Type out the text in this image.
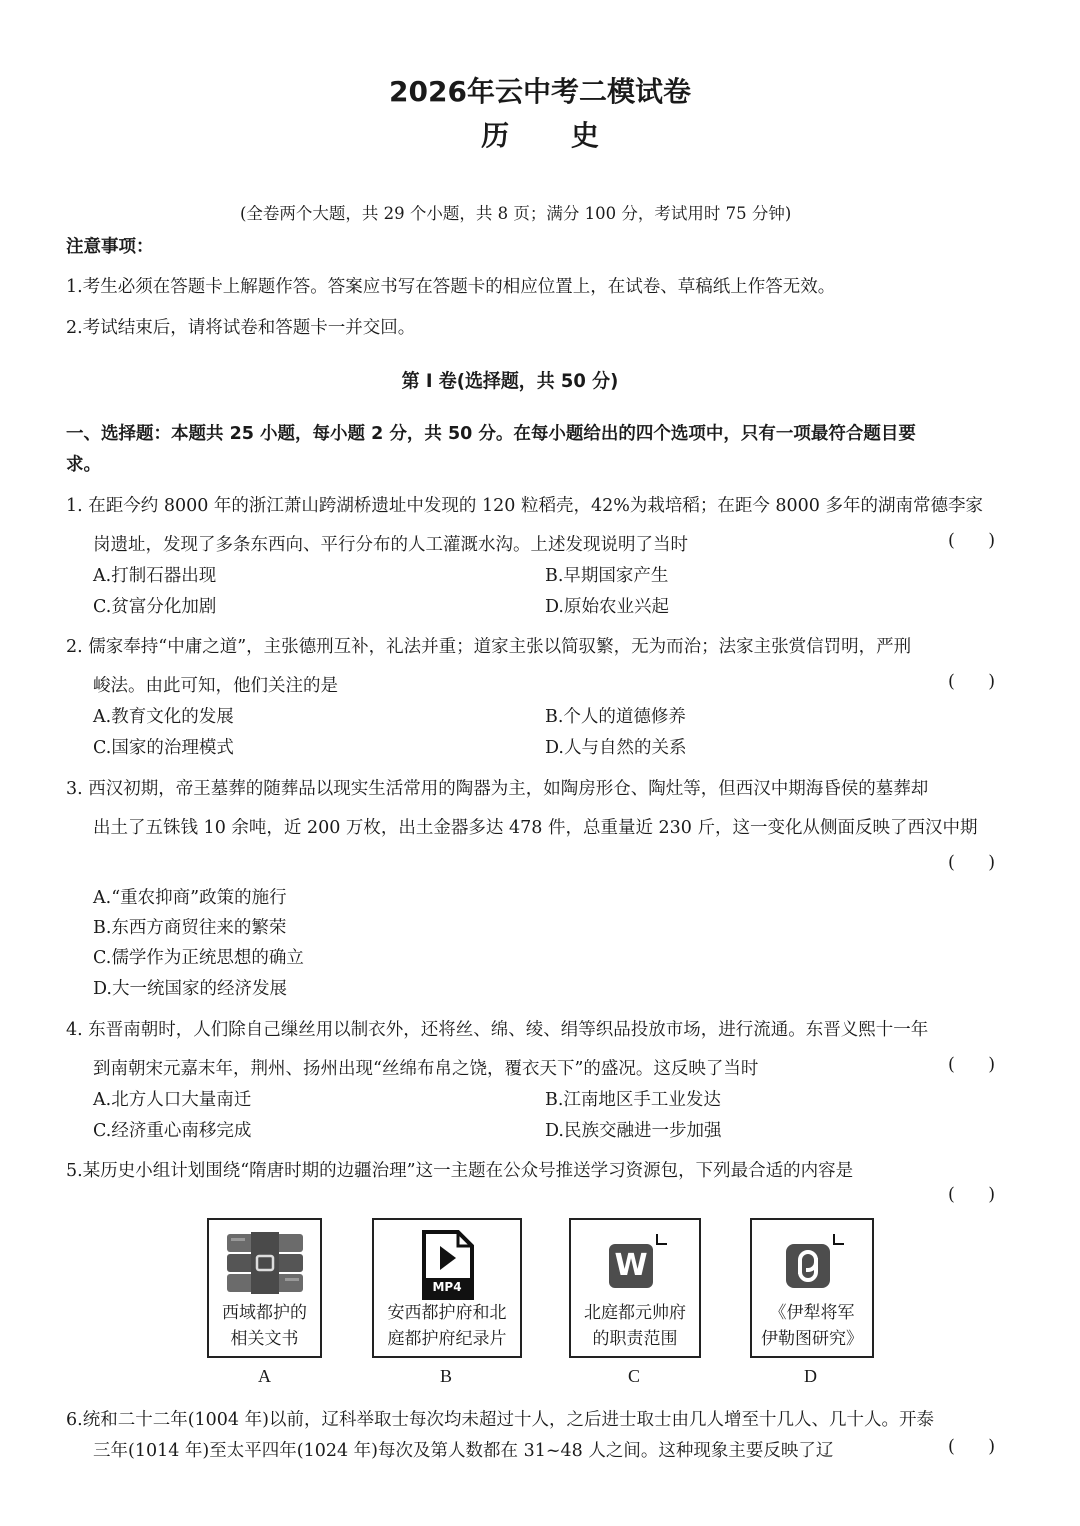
2026年云中考二模试卷
历 史
(全卷两个大题，共 29 个小题，共 8 页；满分 100 分，考试用时 75 分钟)
注意事项：
1.考生必须在答题卡上解题作答。答案应书写在答题卡的相应位置上，在试卷、草稿纸上作答无效。
2.考试结束后，请将试卷和答题卡一并交回。
第 Ⅰ 卷(选择题，共 50 分)
一、选择题：本题共 25 小题，每小题 2 分，共 50 分。在每小题给出的四个选项中，只有一项最符合题目要
求。
1. 在距今约 8000 年的浙江萧山跨湖桥遗址中发现的 120 粒稻壳，42%为栽培稻；在距今 8000 多年的湖南常德李家
岗遗址，发现了多条东西向、平行分布的人工灌溉水沟。上述发现说明了当时	(      )
A.打制石器出现	B.早期国家产生
C.贫富分化加剧	D.原始农业兴起
2. 儒家奉持“中庸之道”，主张德刑互补，礼法并重；道家主张以简驭繁，无为而治；法家主张赏信罚明，严刑
峻法。由此可知，他们关注的是	(      )
A.教育文化的发展	B.个人的道德修养
C.国家的治理模式	D.人与自然的关系
3. 西汉初期，帝王墓葬的随葬品以现实生活常用的陶器为主，如陶房形仓、陶灶等，但西汉中期海昏侯的墓葬却
出土了五铢钱 10 余吨，近 200 万枚，出土金器多达 478 件，总重量近 230 斤，这一变化从侧面反映了西汉中期
(      )
A.“重农抑商”政策的施行
B.东西方商贸往来的繁荣
C.儒学作为正统思想的确立
D.大一统国家的经济发展
4. 东晋南朝时，人们除自己缫丝用以制衣外，还将丝、绵、绫、绢等织品投放市场，进行流通。东晋义熙十一年
到南朝宋元嘉末年，荆州、扬州出现“丝绵布帛之饶，覆衣天下”的盛况。这反映了当时	(      )
A.北方人口大量南迁	B.江南地区手工业发达
C.经济重心南移完成	D.民族交融进一步加强
5.某历史小组计划围绕“隋唐时期的边疆治理”这一主题在公众号推送学习资源包，下列最合适的内容是
(      )
西域都护的
相关文书
A
MP4
安西都护府和北
庭都护府纪录片
B
W
北庭都元帅府
的职责范围
C
《伊犁将军
伊勒图研究》
D
6.统和二十二年(1004 年)以前，辽科举取士每次均未超过十人，之后进士取士由几人增至十几人、几十人。开泰
三年(1014 年)至太平四年(1024 年)每次及第人数都在 31~48 人之间。这种现象主要反映了辽	(      )
